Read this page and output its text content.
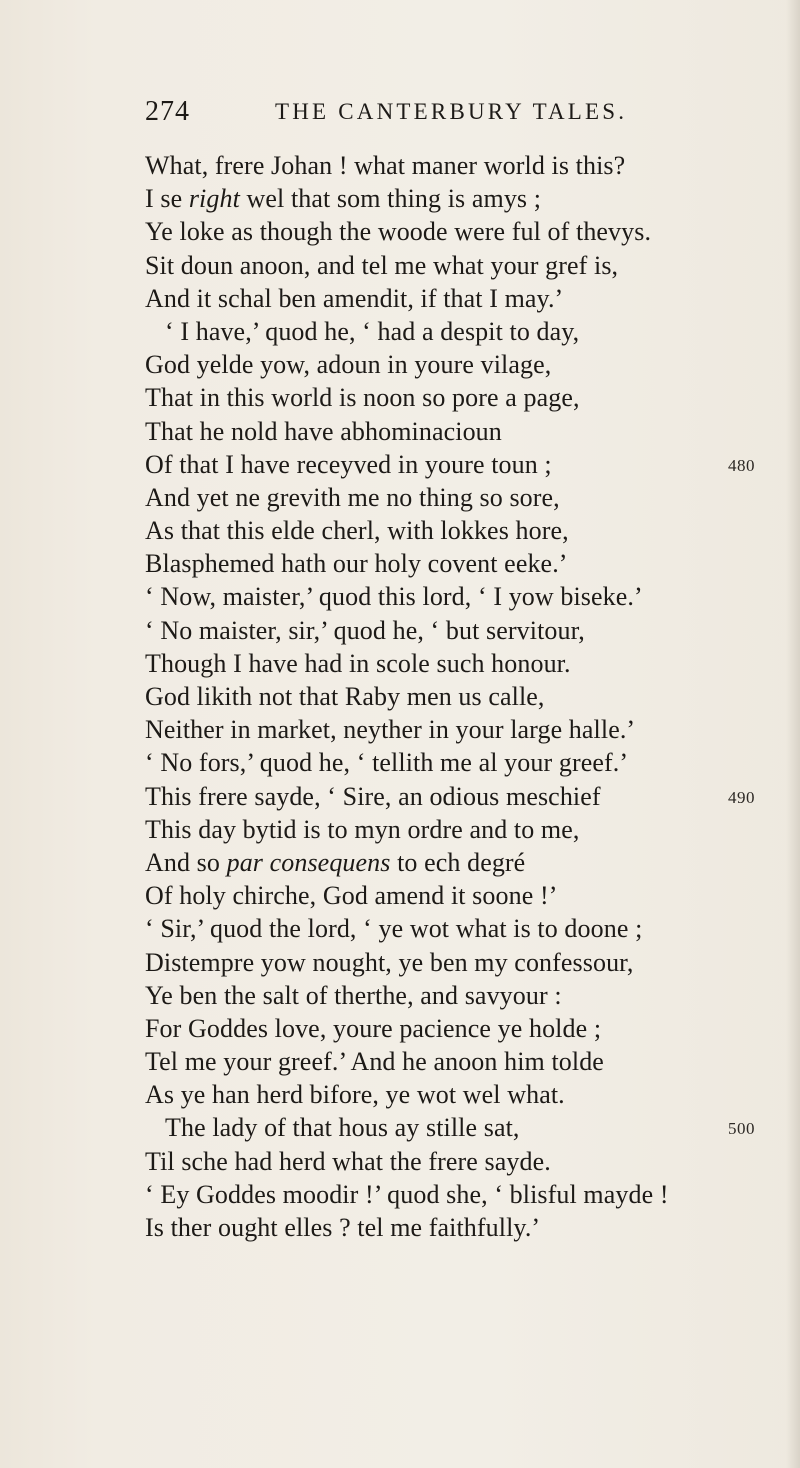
274	THE CANTERBURY TALES.
What, frere Johan ! what maner world is this?
I se right wel that som thing is amys ;
Ye loke as though the woode were ful of thevys.
Sit doun anoon, and tel me what your gref is,
And it schal ben amendit, if that I may.’
‘ I have,’ quod he, ‘ had a despit to day,
God yelde yow, adoun in youre vilage,
That in this world is noon so pore a page,
That he nold have abhominacioun
Of that I have receyved in youre toun ;	480
And yet ne grevith me no thing so sore,
As that this elde cherl, with lokkes hore,
Blasphemed hath our holy covent eeke.’
‘ Now, maister,’ quod this lord, ‘ I yow biseke.’
‘ No maister, sir,’ quod he, ‘ but servitour,
Though I have had in scole such honour.
God likith not that Raby men us calle,
Neither in market, neyther in your large halle.’
‘ No fors,’ quod he, ‘ tellith me al your greef.’
This frere sayde, ‘ Sire, an odious meschief	490
This day bytid is to myn ordre and to me,
And so par consequens to ech degré
Of holy chirche, God amend it soone !’
‘ Sir,’ quod the lord, ‘ ye wot what is to doone ;
Distempre yow nought, ye ben my confessour,
Ye ben the salt of therthe, and savyour :
For Goddes love, youre pacience ye holde ;
Tel me your greef.’ And he anoon him tolde
As ye han herd bifore, ye wot wel what.
The lady of that hous ay stille sat,	500
Til sche had herd what the frere sayde.
‘ Ey Goddes moodir !’ quod she, ‘ blisful mayde !
Is ther ought elles ? tel me faithfully.’
